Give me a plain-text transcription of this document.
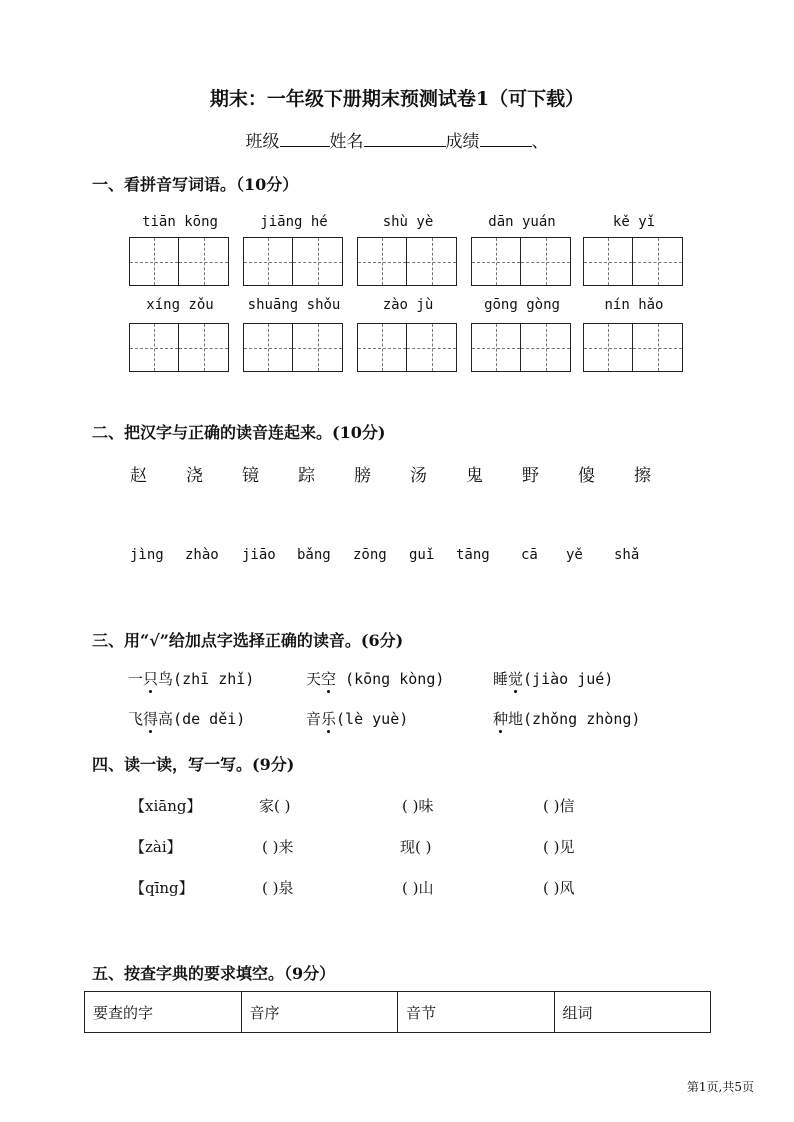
期末：一年级下册期末预测试卷1（可下载）
班级	姓名	成绩	、
一、看拼音写词语。（10分）
tiān kōng	jiāng hé	shù yè	dān yuán	kě yǐ
xíng zǒu	shuāng shǒu	zào jù	gōng gòng	nín hǎo
二、把汉字与正确的读音连起来。(10分)
赵 浇 镜 踪 膀 汤 鬼 野 傻 擦
jìng zhào jiāo bǎng zōng guǐ tāng cā yě shǎ
三、用“√”给加点字选择正确的读音。(6分)
一只鸟(zhī zhǐ)	天空 (kōng kòng)	睡觉(jiào jué)
飞得高(de děi)	音乐(lè yuè)	种地(zhǒng zhòng)
四、读一读，写一写。(9分)
【xiāng】	家( )	( )味	( )信
【zài】	( )来	现( )	( )见
【qīng】	( )泉	( )山	( )风
五、按查字典的要求填空。（9分）
要查的字	音序	音节	组词
第1页,共5页
